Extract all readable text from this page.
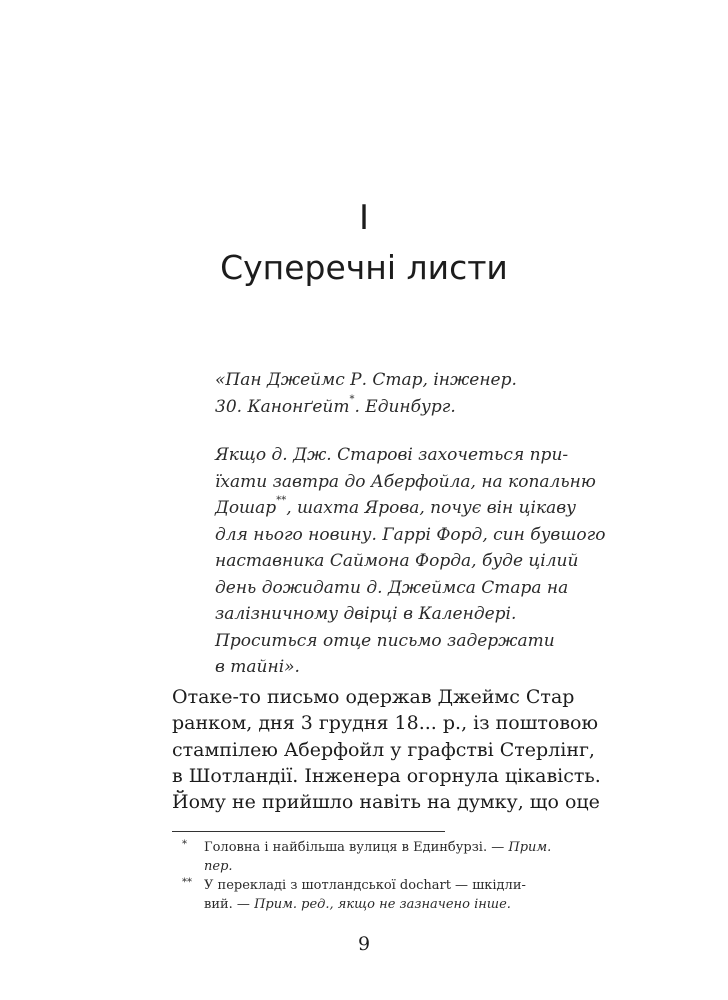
I
Суперечні листи
«Пан Джеймс Р. Стар, інженер.
30. Канонґейт*. Единбург.
Якщо д. Дж. Старові захочеться при-
їхати завтра до Аберфойла, на копальню
Дошар**, шахта Ярова, почує він цікаву
для нього новину. Гаррі Форд, син бувшого
наставника Саймона Форда, буде цілий
день дожидати д. Джеймса Стара на
залізничному двірці в Календері.
Проситься отце письмо задержати
в тайні».
Отаке-то письмо одержав Джеймс Стар
ранком, дня 3 грудня 18... р., із поштовою
стампілею Аберфойл у графстві Стерлінг,
в Шотландії. Інженера огорнула цікавість.
Йому не прийшло навіть на думку, що оце
* Головна і найбільша вулиця в Единбурзі. — Прим.
пер.
** У перекладі з шотландської dochart — шкідли-
вий. — Прим. ред., якщо не зазначено інше.
9
